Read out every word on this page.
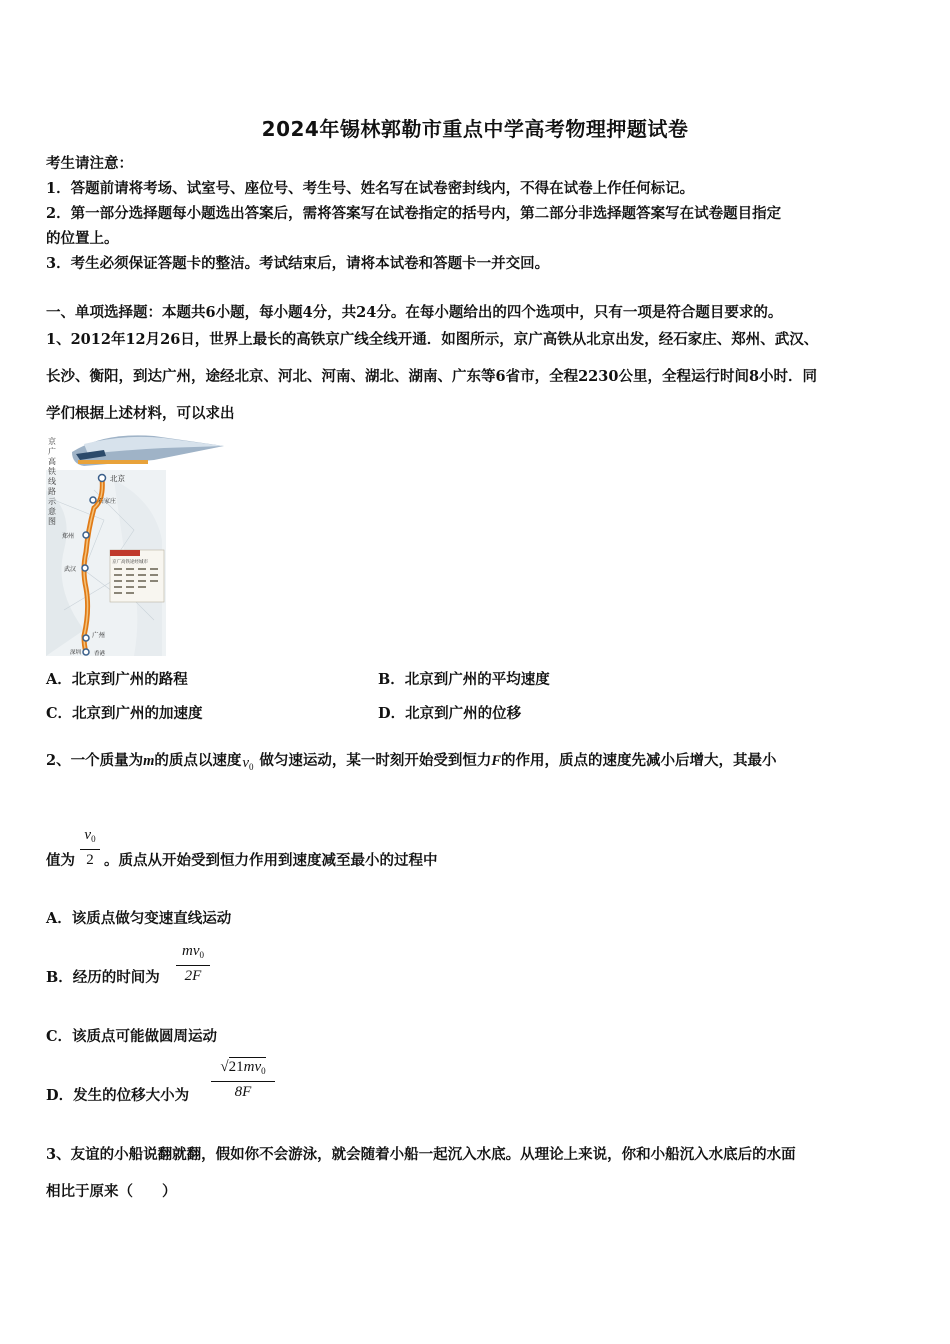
2024年锡林郭勒市重点中学高考物理押题试卷
考生请注意：
1．答题前请将考场、试室号、座位号、考生号、姓名写在试卷密封线内，不得在试卷上作任何标记。
2．第一部分选择题每小题选出答案后，需将答案写在试卷指定的括号内，第二部分非选择题答案写在试卷题目指定
的位置上。
3．考生必须保证答题卡的整洁。考试结束后，请将本试卷和答题卡一并交回。
一、单项选择题：本题共6小题，每小题4分，共24分。在每小题给出的四个选项中，只有一项是符合题目要求的。
1、2012年12月26日，世界上最长的高铁京广线全线开通．如图所示，京广高铁从北京出发，经石家庄、郑州、武汉、
长沙、衡阳，到达广州，途经北京、河北、河南、湖北、湖南、广东等6省市，全程2230公里，全程运行时间8小时．同
学们根据上述材料，可以求出
京
广
高
铁
线
路
示
意
图
北京
石家庄
郑州
武汉
广州
深圳 香港
京广高铁途经城市
A．北京到广州的路程	B．北京到广州的平均速度
C．北京到广州的加速度	D．北京到广州的位移
2、一个质量为m的质点以速度 $v_0$ 做匀速运动，某一时刻开始受到恒力F的作用，质点的速度先减小后增大，其最小
值为
$v_0$
2 。质点从开始受到恒力作用到速度减至最小的过程中
A．该质点做匀变速直线运动
B．经历的时间为
$mv_0$
2F
C．该质点可能做圆周运动
D．发生的位移大小为
$√21mv_0$
8F
3、友谊的小船说翻就翻，假如你不会游泳，就会随着小船一起沉入水底。从理论上来说，你和小船沉入水底后的水面
相比于原来（　　）
